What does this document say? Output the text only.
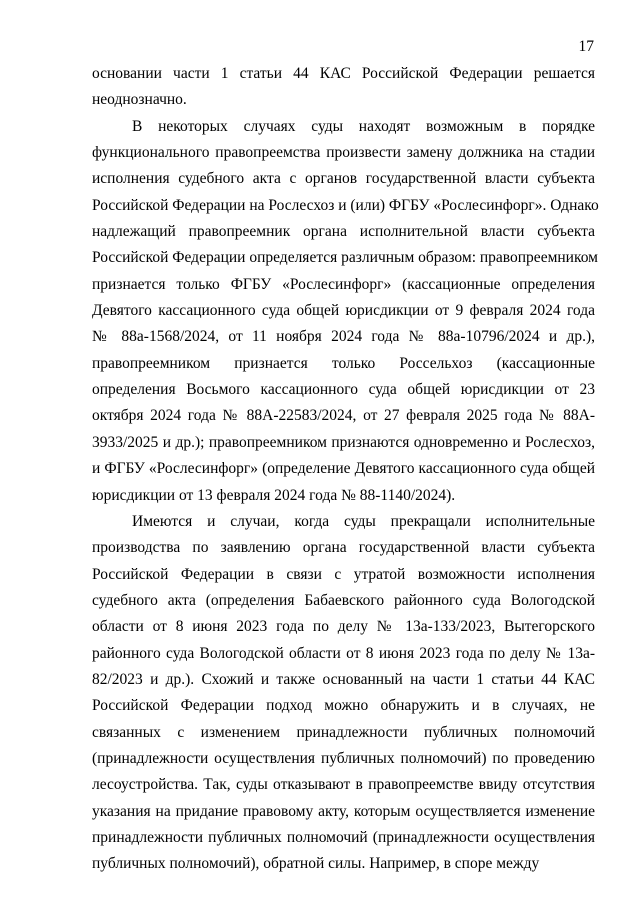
17
основании части 1 статьи 44 КАС Российской Федерации решается
неоднозначно.
В некоторых случаях суды находят возможным в порядке
функционального правопреемства произвести замену должника на стадии
исполнения судебного акта с органов государственной власти субъекта
Российской Федерации на Рослесхоз и (или) ФГБУ «Рослесинфорг». Однако
надлежащий правопреемник органа исполнительной власти субъекта
Российской Федерации определяется различным образом: правопреемником
признается только ФГБУ «Рослесинфорг» (кассационные определения
Девятого кассационного суда общей юрисдикции от 9 февраля 2024 года
№ 88а-1568/2024, от 11 ноября 2024 года № 88а-10796/2024 и др.),
правопреемником признается только Россельхоз (кассационные
определения Восьмого кассационного суда общей юрисдикции от 23
октября 2024 года № 88А-22583/2024, от 27 февраля 2025 года № 88А-
3933/2025 и др.); правопреемником признаются одновременно и Рослесхоз,
и ФГБУ «Рослесинфорг» (определение Девятого кассационного суда общей
юрисдикции от 13 февраля 2024 года № 88-1140/2024).
Имеются и случаи, когда суды прекращали исполнительные
производства по заявлению органа государственной власти субъекта
Российской Федерации в связи с утратой возможности исполнения
судебного акта (определения Бабаевского районного суда Вологодской
области от 8 июня 2023 года по делу № 13а-133/2023, Вытегорского
районного суда Вологодской области от 8 июня 2023 года по делу № 13а-
82/2023 и др.). Схожий и также основанный на части 1 статьи 44 КАС
Российской Федерации подход можно обнаружить и в случаях, не
связанных с изменением принадлежности публичных полномочий
(принадлежности осуществления публичных полномочий) по проведению
лесоустройства. Так, суды отказывают в правопреемстве ввиду отсутствия
указания на придание правовому акту, которым осуществляется изменение
принадлежности публичных полномочий (принадлежности осуществления
публичных полномочий), обратной силы. Например, в споре между
